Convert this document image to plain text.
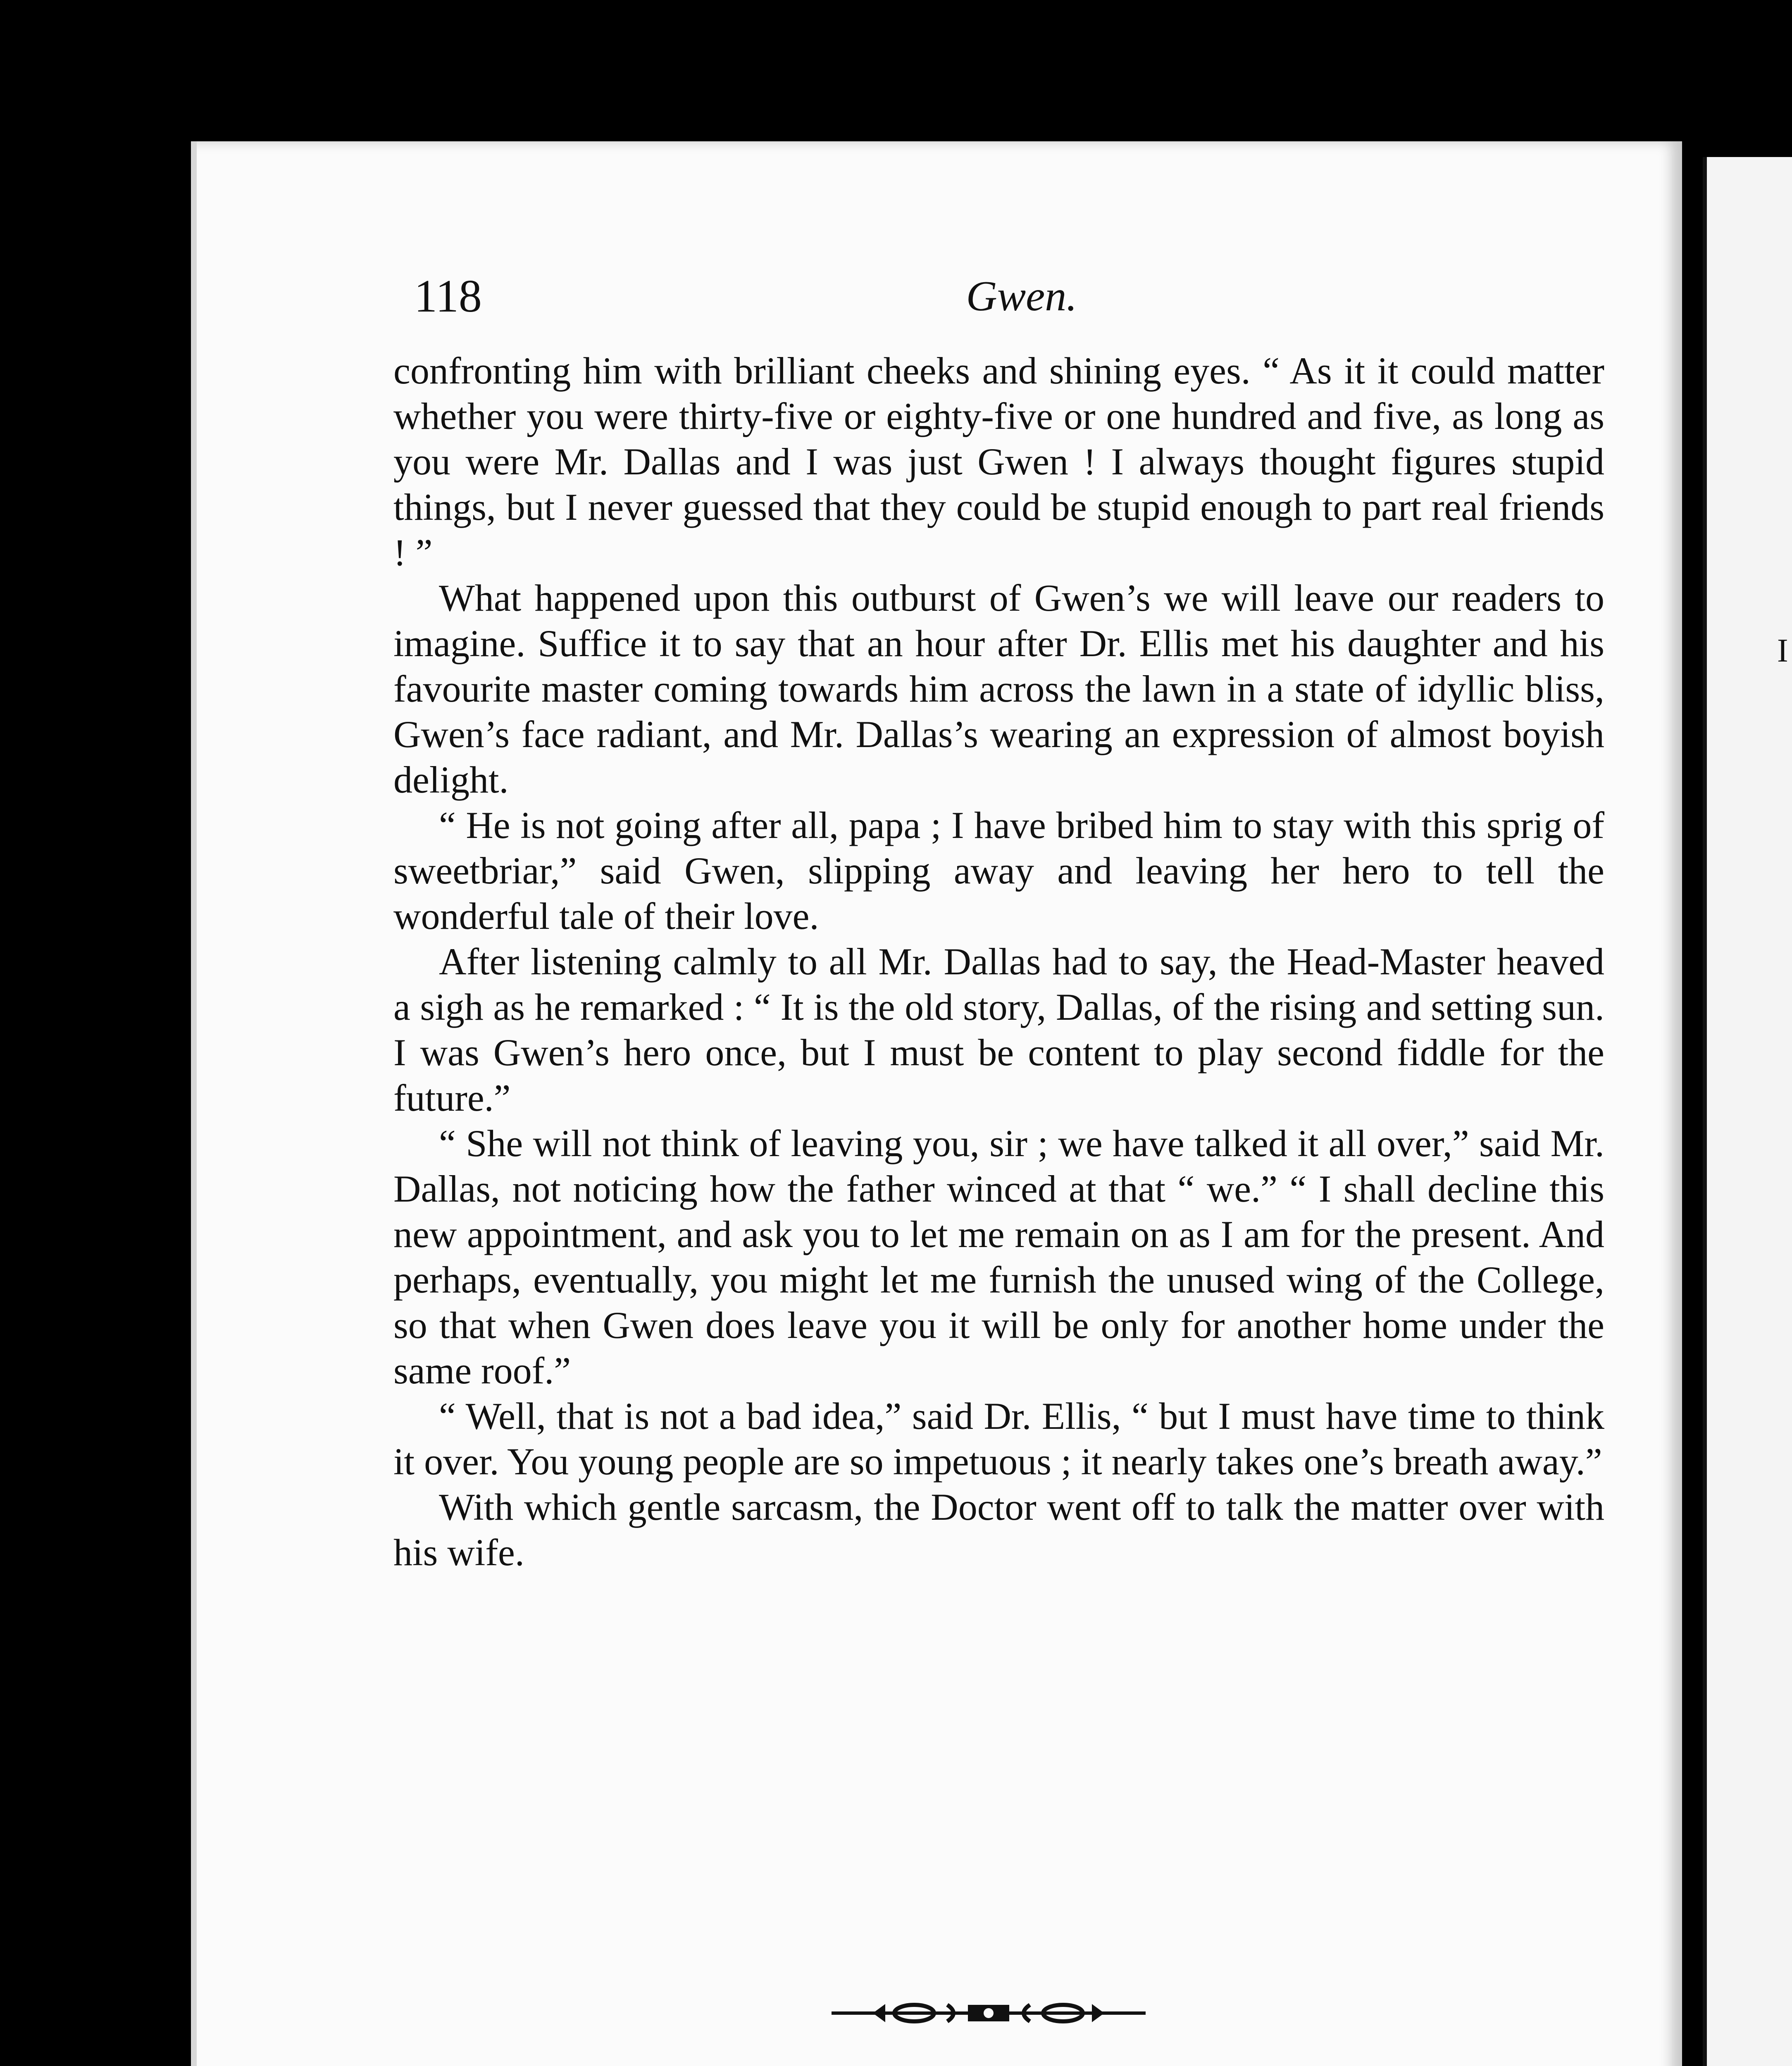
118	Gwen.

confronting him with brilliant cheeks and shining eyes. “ As it it could matter whether you were thirty-five or eighty-five or one hundred and five, as long as you were Mr. Dallas and I was just Gwen ! I always thought figures stupid things, but I never guessed that they could be stupid enough to part real friends ! ”

What happened upon this outburst of Gwen’s we will leave our readers to imagine. Suffice it to say that an hour after Dr. Ellis met his daughter and his favourite master coming towards him across the lawn in a state of idyllic bliss, Gwen’s face radiant, and Mr. Dallas’s wearing an expression of almost boyish delight.

“ He is not going after all, papa ; I have bribed him to stay with this sprig of sweetbriar,” said Gwen, slipping away and leaving her hero to tell the wonderful tale of their love.

After listening calmly to all Mr. Dallas had to say, the Head-Master heaved a sigh as he remarked : “ It is the old story, Dallas, of the rising and setting sun. I was Gwen’s hero once, but I must be content to play second fiddle for the future.”

“ She will not think of leaving you, sir ; we have talked it all over,” said Mr. Dallas, not noticing how the father winced at that “ we.” “ I shall decline this new appointment, and ask you to let me remain on as I am for the present. And perhaps, eventually, you might let me furnish the unused wing of the College, so that when Gwen does leave you it will be only for another home under the same roof.”

“ Well, that is not a bad idea,” said Dr. Ellis, “ but I must have time to think it over. You young people are so impetuous ; it nearly takes one’s breath away.”

With which gentle sarcasm, the Doctor went off to talk the matter over with his wife.

I
